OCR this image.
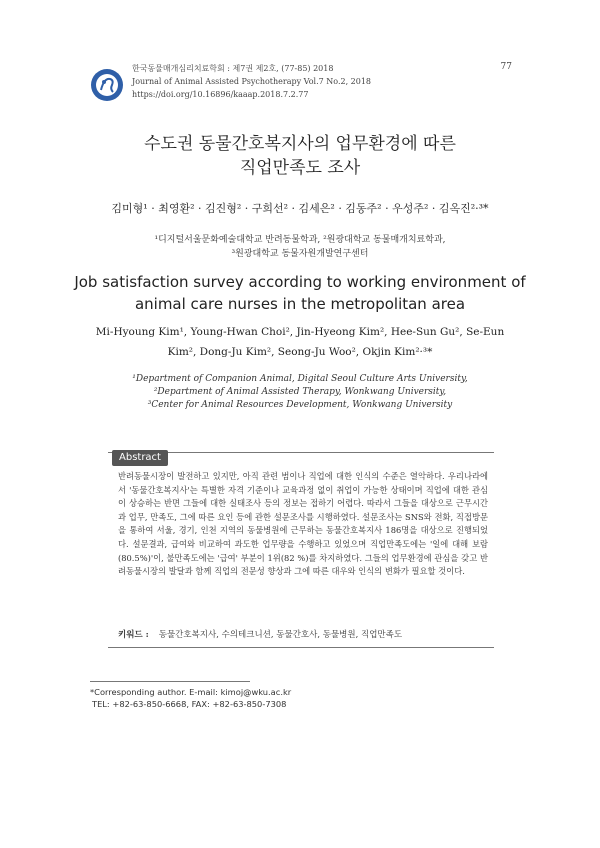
한국동물매개심리치료학회 : 제7권 제2호, (77-85) 2018
Journal of Animal Assisted Psychotherapy Vol.7 No.2, 2018
https://doi.org/10.16896/kaaap.2018.7.2.77
77
수도권 동물간호복지사의 업무환경에 따른
직업만족도 조사
김미형¹ · 최영환² · 김진형² · 구희선² · 김세은² · 김동주² · 우성주² · 김옥진²·³*
¹디지털서울문화예술대학교 반려동물학과, ²원광대학교 동물매개치료학과,
³원광대학교 동물자원개발연구센터
Job satisfaction survey according to working environment of
animal care nurses in the metropolitan area
Mi-Hyoung Kim¹, Young-Hwan Choi², Jin-Hyeong Kim², Hee-Sun Gu², Se-Eun
Kim², Dong-Ju Kim², Seong-Ju Woo², Okjin Kim²·³*
¹Department of Companion Animal, Digital Seoul Culture Arts University,
²Department of Animal Assisted Therapy, Wonkwang University,
³Center for Animal Resources Development, Wonkwang University
Abstract
반려동물시장이 발전하고 있지만, 아직 관련 범이나 직업에 대한 인식의 수준은 열악하다. 우리나라에서 '동물간호복지사'는 특별한 자격 기준이나 교육과정 없이 취업이 가능한 상태이며 직업에 대한 관심이 상승하는 반면 그들에 대한 실태조사 등의 정보는 접하기 어렵다. 따라서 그들을 대상으로 근무시간과 업무, 만족도, 그에 따른 요인 등에 관한 설문조사를 시행하였다. 설문조사는 SNS와 전화, 직접방문을 통하여 서울, 경기, 인천 지역의 동물병원에 근무하는 동물간호복지사 186명을 대상으로 진행되었다. 설문결과, 급여와 비교하여 과도한 업무량을 수행하고 있었으며 직업만족도에는 '일에 대해 보람(80.5%)'이, 불만족도에는 '급여' 부분이 1위(82 %)를 차지하였다. 그들의 업무환경에 관심을 갖고 반려동물시장의 발달과 함께 직업의 전문성 향상과 그에 따른 대우와 인식의 변화가 필요할 것이다.
키워드 : 동물간호복지사, 수의테크니션, 동물간호사, 동물병원, 직업만족도
*Corresponding author. E-mail: kimoj@wku.ac.kr
TEL: +82-63-850-6668, FAX: +82-63-850-7308
